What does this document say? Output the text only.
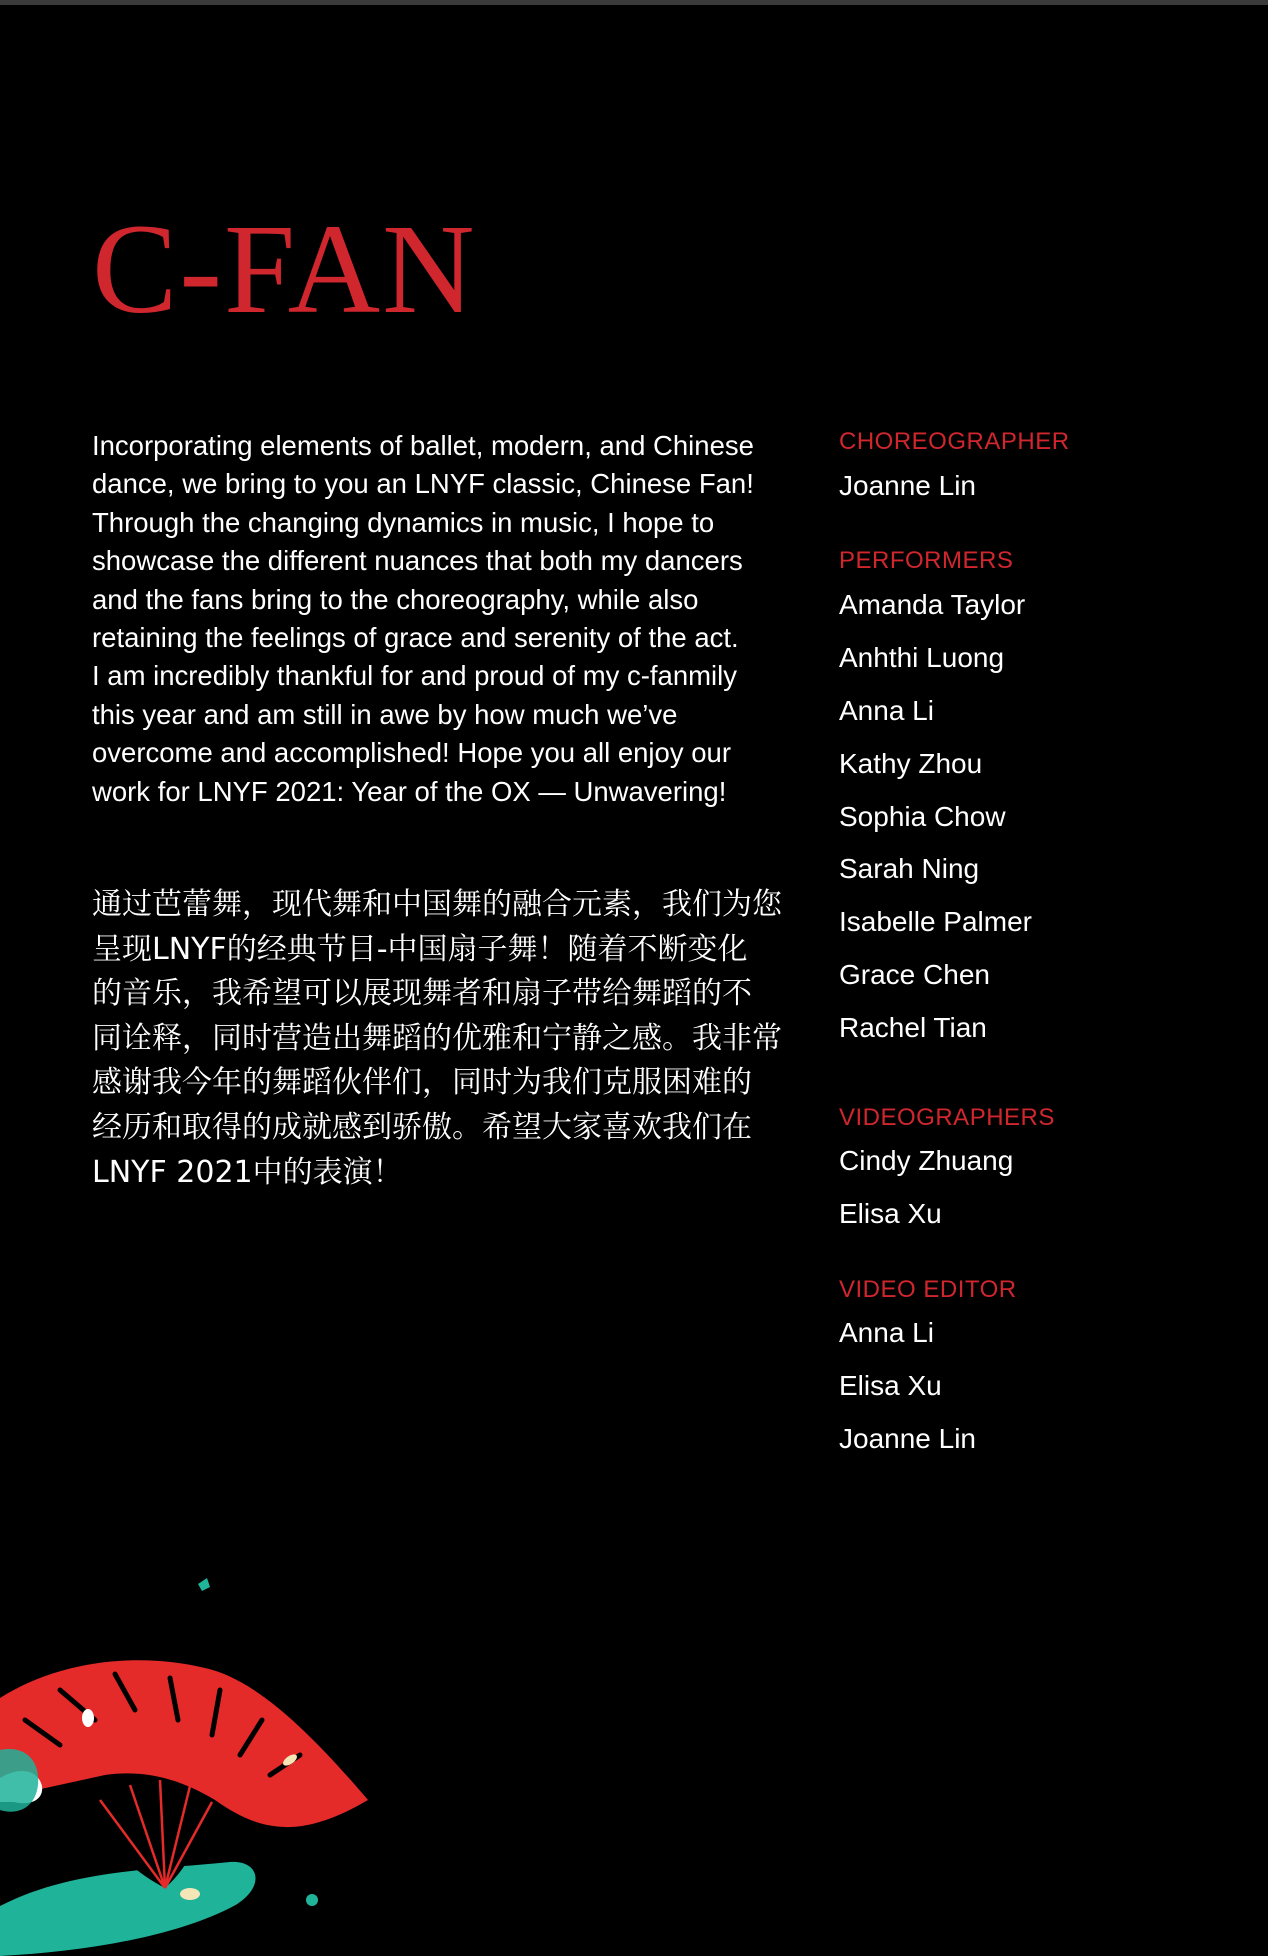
C-FAN

Incorporating elements of ballet, modern, and Chinese
dance, we bring to you an LNYF classic, Chinese Fan!
Through the changing dynamics in music, I hope to
showcase the different nuances that both my dancers
and the fans bring to the choreography, while also
retaining the feelings of grace and serenity of the act.
I am incredibly thankful for and proud of my c-fanmily
this year and am still in awe by how much we’ve
overcome and accomplished! Hope you all enjoy our
work for LNYF 2021: Year of the OX — Unwavering!

通过芭蕾舞，现代舞和中国舞的融合元素，我们为您
呈现LNYF的经典节目-中国扇子舞！随着不断变化
的音乐，我希望可以展现舞者和扇子带给舞蹈的不
同诠释，同时营造出舞蹈的优雅和宁静之感。我非常
感谢我今年的舞蹈伙伴们，同时为我们克服困难的
经历和取得的成就感到骄傲。希望大家喜欢我们在
LNYF 2021中的表演！

CHOREOGRAPHER
Joanne Lin
PERFORMERS
Amanda Taylor
Anhthi Luong
Anna Li
Kathy Zhou
Sophia Chow
Sarah Ning
Isabelle Palmer
Grace Chen
Rachel Tian
VIDEOGRAPHERS
Cindy Zhuang
Elisa Xu
VIDEO EDITOR
Anna Li
Elisa Xu
Joanne Lin
